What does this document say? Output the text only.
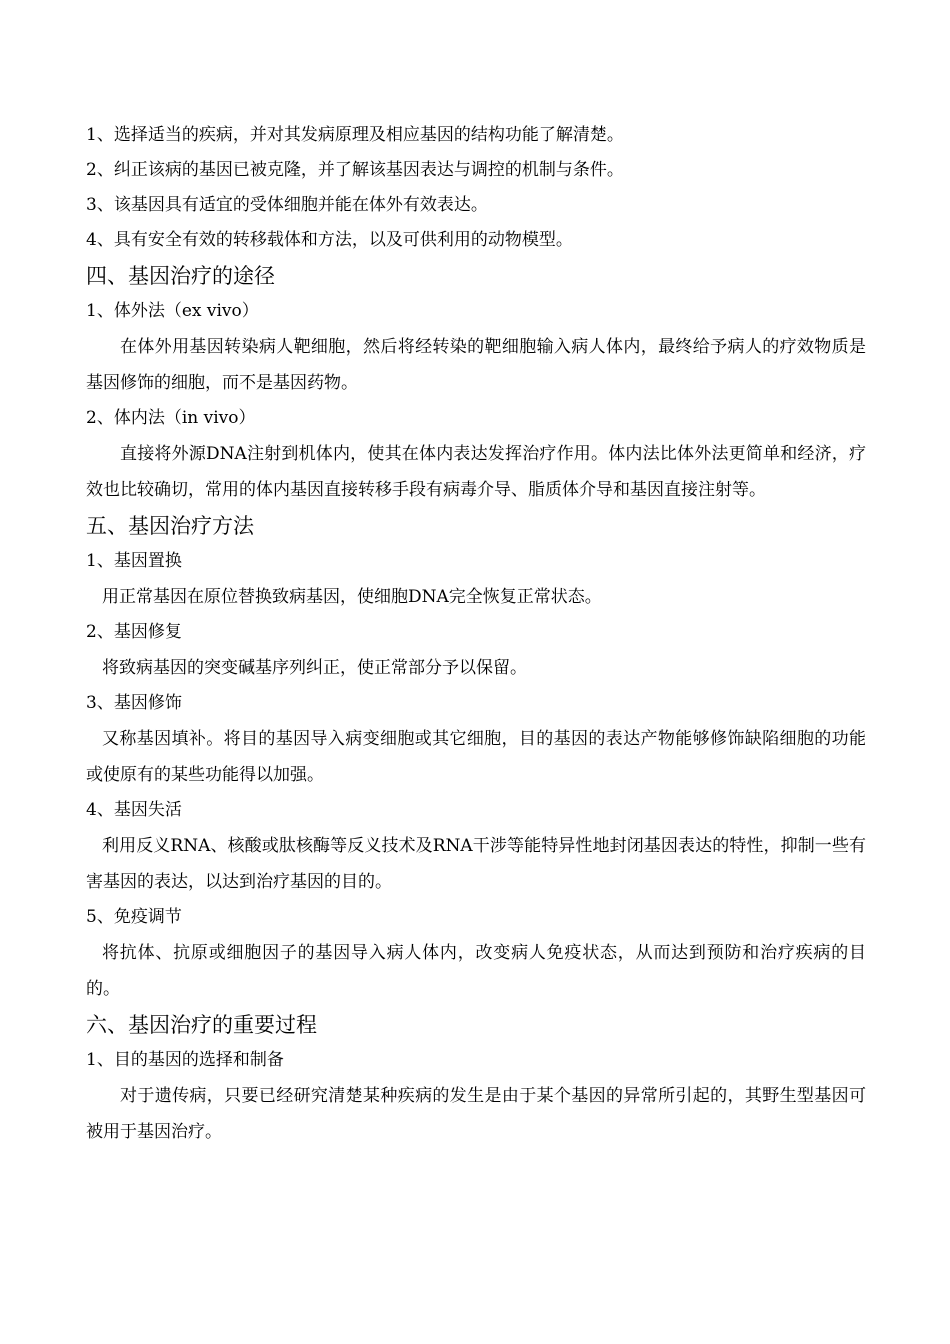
1、选择适当的疾病，并对其发病原理及相应基因的结构功能了解清楚。
2、纠正该病的基因已被克隆，并了解该基因表达与调控的机制与条件。
3、该基因具有适宜的受体细胞并能在体外有效表达。
4、具有安全有效的转移载体和方法，以及可供利用的动物模型。
四、基因治疗的途径
1、体外法（ex vivo）
在体外用基因转染病人靶细胞，然后将经转染的靶细胞输入病人体内，最终给予病人的疗效物质是基因修饰的细胞，而不是基因药物。
2、体内法（in vivo）
直接将外源DNA注射到机体内，使其在体内表达发挥治疗作用。体内法比体外法更简单和经济，疗效也比较确切，常用的体内基因直接转移手段有病毒介导、脂质体介导和基因直接注射等。
五、基因治疗方法
1、基因置换
用正常基因在原位替换致病基因，使细胞DNA完全恢复正常状态。
2、基因修复
将致病基因的突变碱基序列纠正，使正常部分予以保留。
3、基因修饰
又称基因填补。将目的基因导入病变细胞或其它细胞，目的基因的表达产物能够修饰缺陷细胞的功能或使原有的某些功能得以加强。
4、基因失活
利用反义RNA、核酸或肽核酶等反义技术及RNA干涉等能特异性地封闭基因表达的特性，抑制一些有害基因的表达，以达到治疗基因的目的。
5、免疫调节
将抗体、抗原或细胞因子的基因导入病人体内，改变病人免疫状态，从而达到预防和治疗疾病的目的。
六、基因治疗的重要过程
1、目的基因的选择和制备
对于遗传病，只要已经研究清楚某种疾病的发生是由于某个基因的异常所引起的，其野生型基因可被用于基因治疗。
